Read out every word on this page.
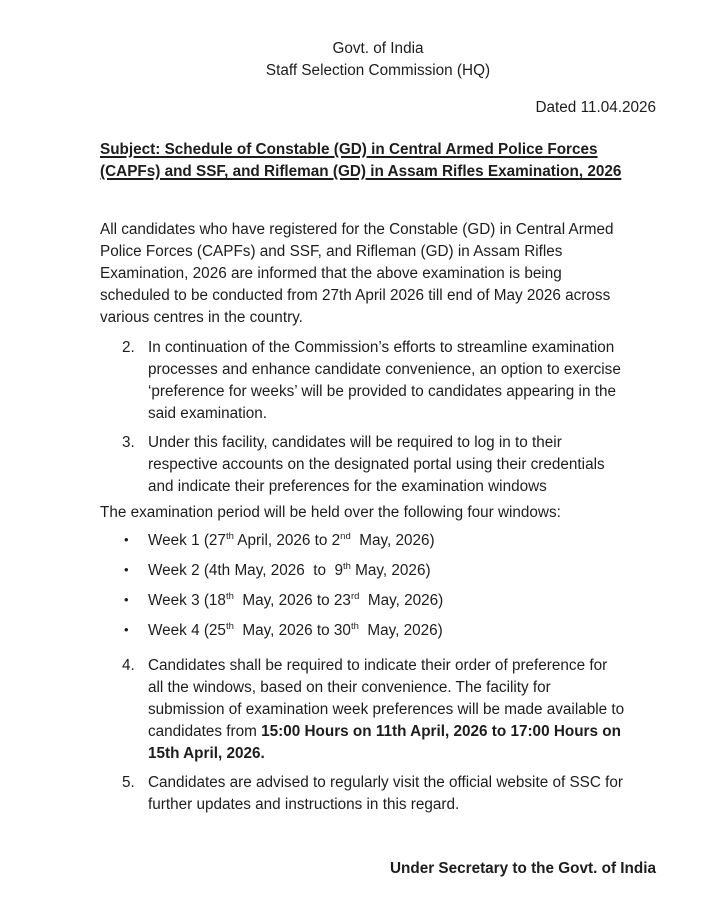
Govt. of India
Staff Selection Commission (HQ)
Dated 11.04.2026
Subject: Schedule of Constable (GD) in Central Armed Police Forces
(CAPFs) and SSF, and Rifleman (GD) in Assam Rifles Examination, 2026
All candidates who have registered for the Constable (GD) in Central Armed
Police Forces (CAPFs) and SSF, and Rifleman (GD) in Assam Rifles
Examination, 2026 are informed that the above examination is being
scheduled to be conducted from 27th April 2026 till end of May 2026 across
various centres in the country.
2. In continuation of the Commission’s efforts to streamline examination
processes and enhance candidate convenience, an option to exercise
‘preference for weeks’ will be provided to candidates appearing in the
said examination.
3. Under this facility, candidates will be required to log in to their
respective accounts on the designated portal using their credentials
and indicate their preferences for the examination windows
The examination period will be held over the following four windows:
• Week 1 (27th April, 2026 to 2nd  May, 2026)
• Week 2 (4th May, 2026  to  9th May, 2026)
• Week 3 (18th  May, 2026 to 23rd  May, 2026)
• Week 4 (25th  May, 2026 to 30th  May, 2026)
4. Candidates shall be required to indicate their order of preference for
all the windows, based on their convenience. The facility for
submission of examination week preferences will be made available to
candidates from 15:00 Hours on 11th April, 2026 to 17:00 Hours on
15th April, 2026.
5. Candidates are advised to regularly visit the official website of SSC for
further updates and instructions in this regard.
Under Secretary to the Govt. of India
